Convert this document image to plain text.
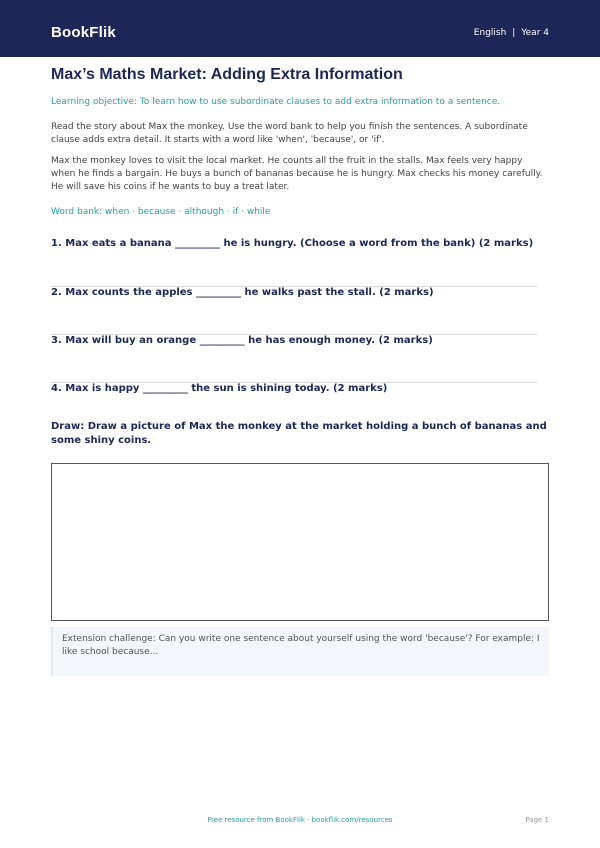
BookFlik	English | Year 4
Max’s Maths Market: Adding Extra Information
Learning objective: To learn how to use subordinate clauses to add extra information to a sentence.
Read the story about Max the monkey. Use the word bank to help you finish the sentences. A subordinate clause adds extra detail. It starts with a word like 'when', 'because', or 'if'.
Max the monkey loves to visit the local market. He counts all the fruit in the stalls. Max feels very happy when he finds a bargain. He buys a bunch of bananas because he is hungry. Max checks his money carefully. He will save his coins if he wants to buy a treat later.
Word bank: when · because · although · if · while
1. Max eats a banana _________ he is hungry. (Choose a word from the bank) (2 marks)
2. Max counts the apples _________ he walks past the stall. (2 marks)
3. Max will buy an orange _________ he has enough money. (2 marks)
4. Max is happy _________ the sun is shining today. (2 marks)
Draw: Draw a picture of Max the monkey at the market holding a bunch of bananas and some shiny coins.
Extension challenge: Can you write one sentence about yourself using the word 'because'? For example: I like school because...
Free resource from BookFlik · bookflik.com/resources	Page 1
